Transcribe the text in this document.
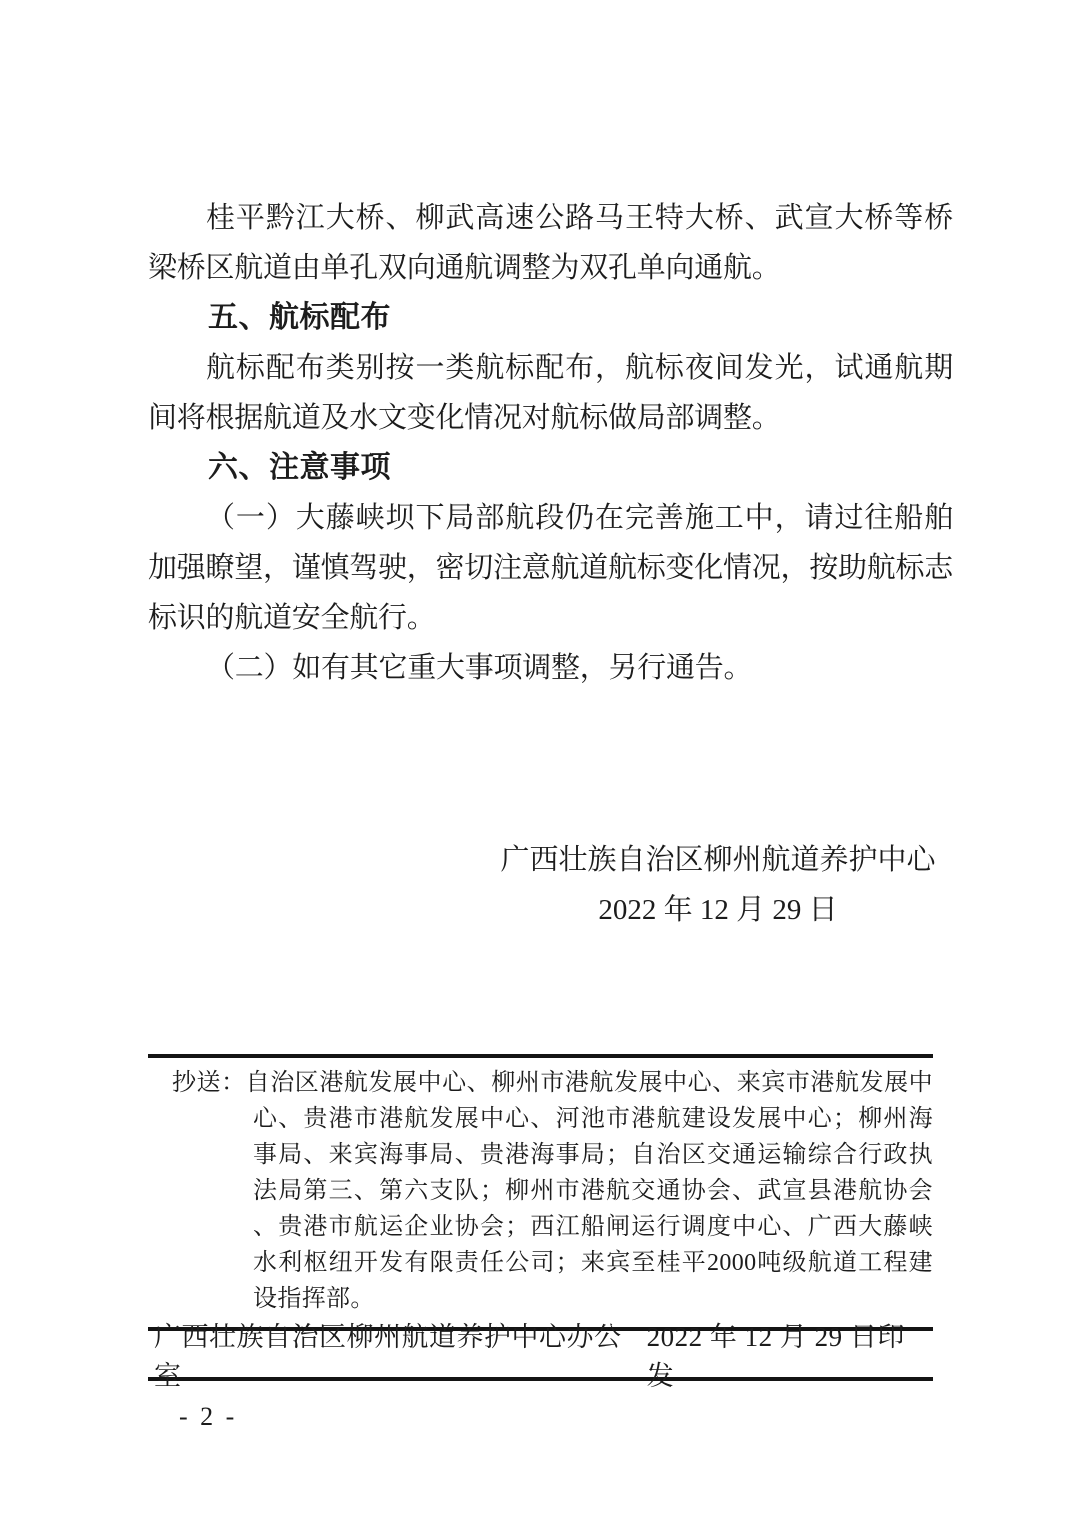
桂平黔江大桥、柳武高速公路马王特大桥、武宣大桥等桥梁桥区航道由单孔双向通航调整为双孔单向通航。

五、航标配布

航标配布类别按一类航标配布，航标夜间发光，试通航期间将根据航道及水文变化情况对航标做局部调整。

六、注意事项

（一）大藤峡坝下局部航段仍在完善施工中，请过往船舶加强瞭望，谨慎驾驶，密切注意航道航标变化情况，按助航标志标识的航道安全航行。

（二）如有其它重大事项调整，另行通告。

广西壮族自治区柳州航道养护中心
2022 年 12 月 29 日

抄送：自治区港航发展中心、柳州市港航发展中心、来宾市港航发展中心、贵港市港航发展中心、河池市港航建设发展中心；柳州海事局、来宾海事局、贵港海事局；自治区交通运输综合行政执法局第三、第六支队；柳州市港航交通协会、武宣县港航协会、贵港市航运企业协会；西江船闸运行调度中心、广西大藤峡水利枢纽开发有限责任公司；来宾至桂平2000吨级航道工程建设指挥部。

广西壮族自治区柳州航道养护中心办公室
2022 年 12 月 29 日印发
- 2 -
